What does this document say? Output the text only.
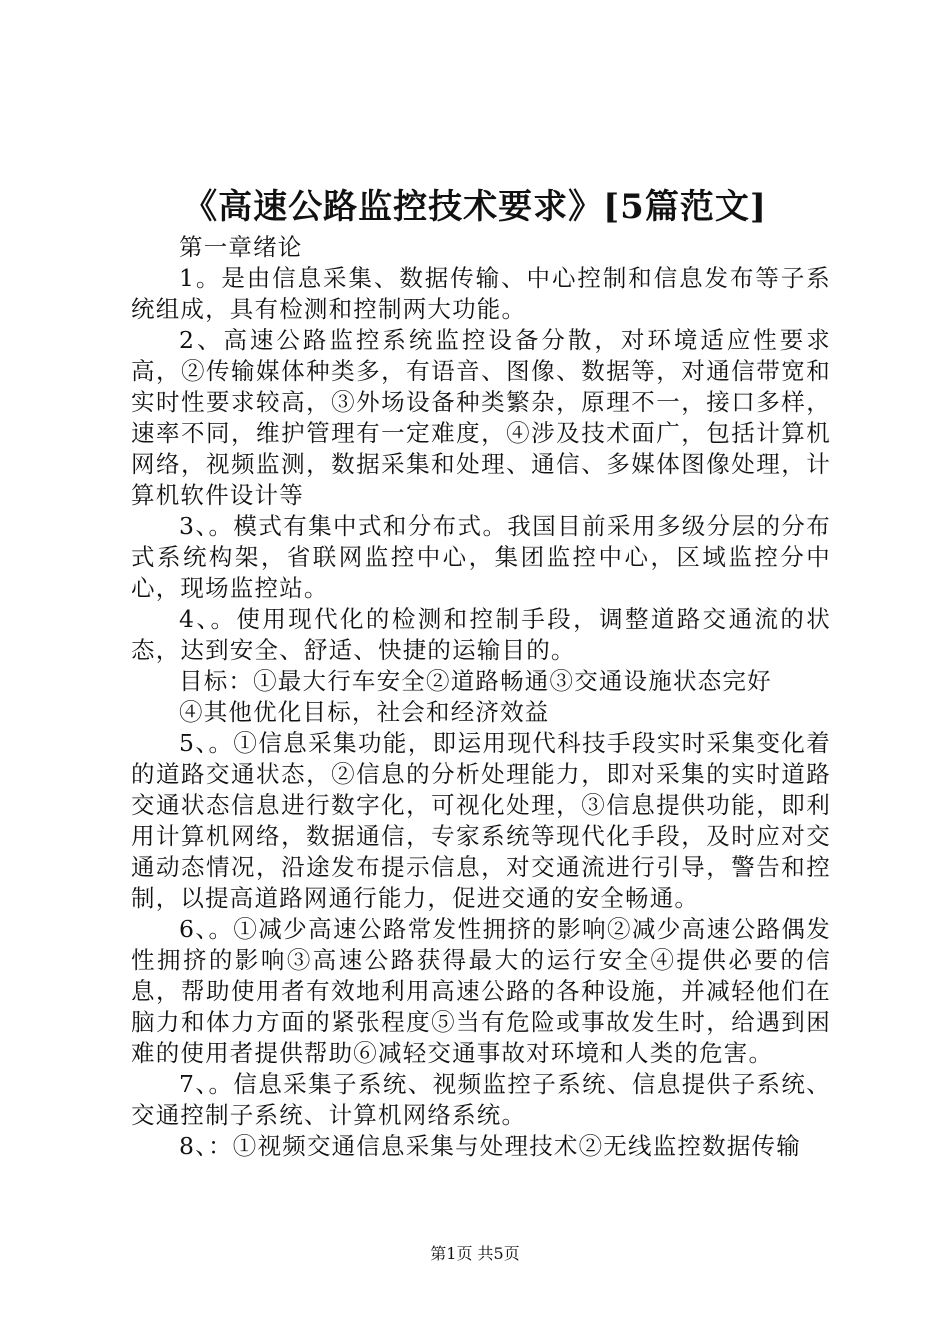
《高速公路监控技术要求》[5篇范文]

第一章绪论

1。是由信息采集、数据传输、中心控制和信息发布等子系统组成，具有检测和控制两大功能。

2、高速公路监控系统监控设备分散，对环境适应性要求高，②传输媒体种类多，有语音、图像、数据等，对通信带宽和实时性要求较高，③外场设备种类繁杂，原理不一，接口多样，速率不同，维护管理有一定难度，④涉及技术面广，包括计算机网络，视频监测，数据采集和处理、通信、多媒体图像处理，计算机软件设计等

3、。模式有集中式和分布式。我国目前采用多级分层的分布式系统构架，省联网监控中心，集团监控中心，区域监控分中心，现场监控站。

4、。使用现代化的检测和控制手段，调整道路交通流的状态，达到安全、舒适、快捷的运输目的。

目标：①最大行车安全②道路畅通③交通设施状态完好

④其他优化目标，社会和经济效益

5、。①信息采集功能，即运用现代科技手段实时采集变化着的道路交通状态，②信息的分析处理能力，即对采集的实时道路交通状态信息进行数字化，可视化处理，③信息提供功能，即利用计算机网络，数据通信，专家系统等现代化手段，及时应对交通动态情况，沿途发布提示信息，对交通流进行引导，警告和控制，以提高道路网通行能力，促进交通的安全畅通。

6、。①减少高速公路常发性拥挤的影响②减少高速公路偶发性拥挤的影响③高速公路获得最大的运行安全④提供必要的信息，帮助使用者有效地利用高速公路的各种设施，并减轻他们在脑力和体力方面的紧张程度⑤当有危险或事故发生时，给遇到困难的使用者提供帮助⑥减轻交通事故对环境和人类的危害。

7、。信息采集子系统、视频监控子系统、信息提供子系统、交通控制子系统、计算机网络系统。

8、：①视频交通信息采集与处理技术②无线监控数据传输

第1页 共5页
